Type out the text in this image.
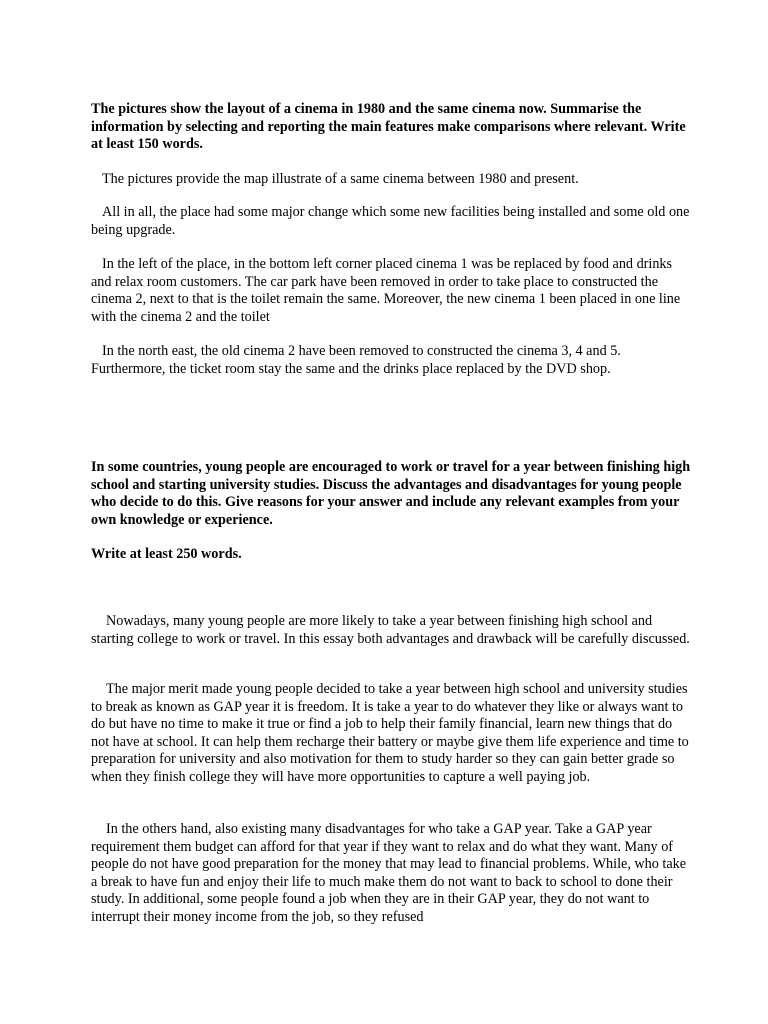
The pictures show the layout of a cinema in 1980 and the same cinema now. Summarise the information by selecting and reporting the main features make comparisons where relevant. Write at least 150 words.

The pictures provide the map illustrate of a same cinema between 1980 and present.

All in all, the place had some major change which some new facilities being installed and some old one being upgrade.

In the left of the place, in the bottom left corner placed cinema 1 was be replaced by food and drinks and relax room customers. The car park have been removed in order to take place to constructed the cinema 2, next to that is the toilet remain the same. Moreover, the new cinema 1 been placed in one line with the cinema 2 and the toilet

In the north east, the old cinema 2 have been removed to constructed the cinema 3, 4 and 5. Furthermore, the ticket room stay the same and the drinks place replaced by the DVD shop.

In some countries, young people are encouraged to work or travel for a year between finishing high school and starting university studies. Discuss the advantages and disadvantages for young people who decide to do this. Give reasons for your answer and include any relevant examples from your own knowledge or experience.

Write at least 250 words.

Nowadays, many young people are more likely to take a year between finishing high school and starting college to work or travel. In this essay both advantages and drawback will be carefully discussed.

The major merit made young people decided to take a year between high school and university studies to break as known as GAP year it is freedom. It is take a year to do whatever they like or always want to do but have no time to make it true or find a job to help their family financial, learn new things that do not have at school. It can help them recharge their battery or maybe give them life experience and time to preparation for university and also motivation for them to study harder so they can gain better grade so when they finish college they will have more opportunities to capture a well paying job.

In the others hand, also existing many disadvantages for who take a GAP year. Take a GAP year requirement them budget can afford for that year if they want to relax and do what they want. Many of people do not have good preparation for the money that may lead to financial problems. While, who take a break to have fun and enjoy their life to much make them do not want to back to school to done their study. In additional, some people found a job when they are in their GAP year, they do not want to interrupt their money income from the job, so they refused
